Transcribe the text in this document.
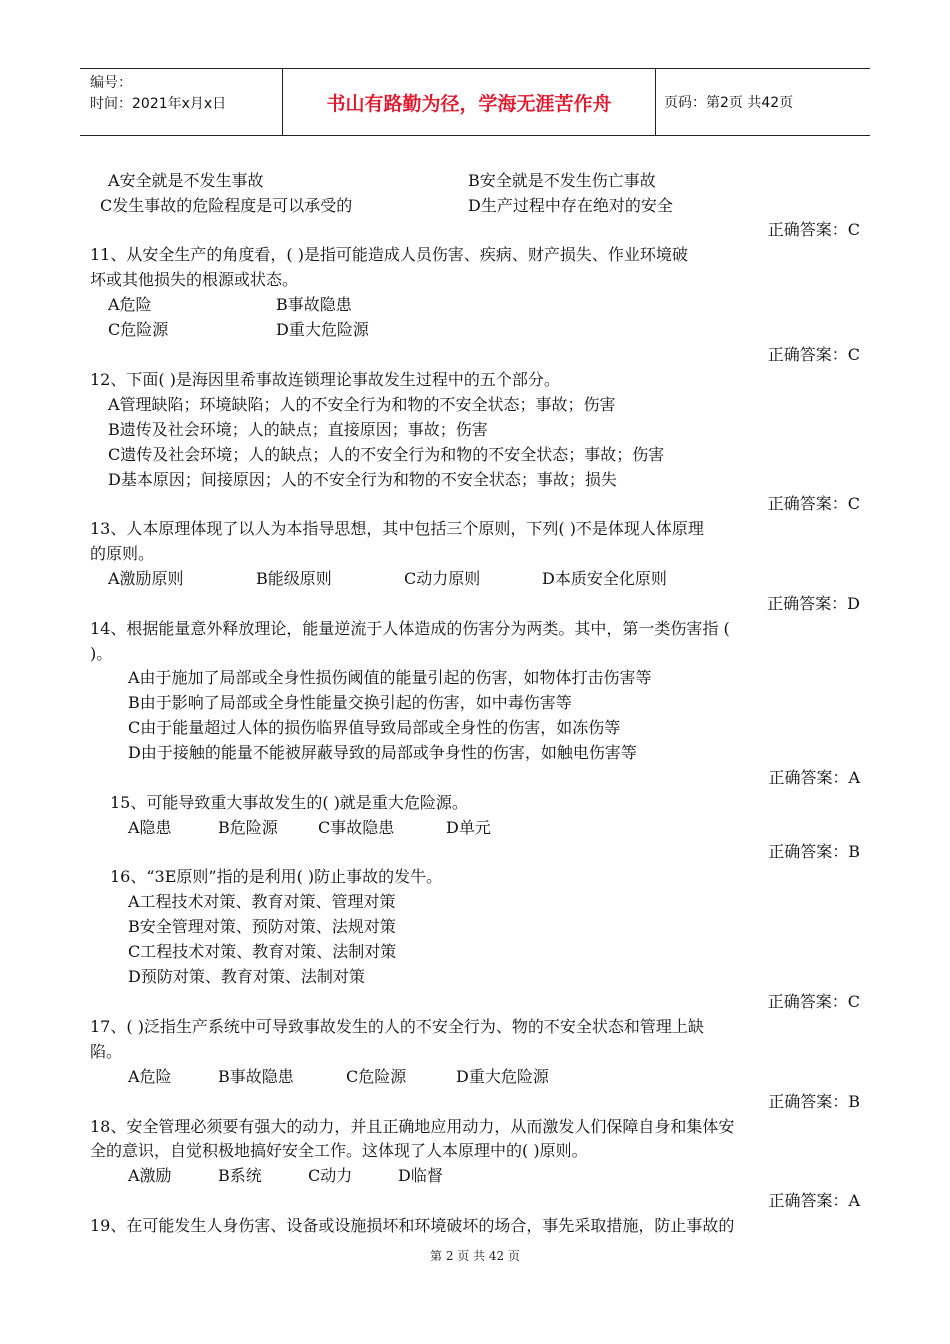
编号：
时间：2021年x月x日	书山有路勤为径，学海无涯苦作舟	页码：第2页 共42页
A安全就是不发生事故	B安全就是不发生伤亡事故
C发生事故的危险程度是可以承受的	D生产过程中存在绝对的安全
11、从安全生产的角度看，( )是指可能造成人员伤害、疾病、财产损失、作业环境破
坏或其他损失的根源或状态。
A危险	B事故隐患
C危险源	D重大危险源
12、下面( )是海因里希事故连锁理论事故发生过程中的五个部分。
A管理缺陷；环境缺陷；人的不安全行为和物的不安全状态；事故；伤害
B遗传及社会环境；人的缺点；直接原因；事故；伤害
C遗传及社会环境；人的缺点；人的不安全行为和物的不安全状态；事故；伤害
D基本原因；间接原因；人的不安全行为和物的不安全状态；事故；损失
13、人本原理体现了以人为本指导思想，其中包括三个原则，下列( )不是体现人体原理
的原则。
A激励原则	B能级原则	C动力原则	D本质安全化原则
14、根据能量意外释放理论，能量逆流于人体造成的伤害分为两类。其中，第一类伤害指 (
)。
A由于施加了局部或全身性损伤阈值的能量引起的伤害，如物体打击伤害等
B由于影响了局部或全身性能量交换引起的伤害，如中毒伤害等
C由于能量超过人体的损伤临界值导致局部或全身性的伤害，如冻伤等
D由于接触的能量不能被屏蔽导致的局部或争身性的伤害，如触电伤害等
15、可能导致重大事故发生的( )就是重大危险源。
A隐患	B危险源	C事故隐患	D单元
16、“3E原则”指的是利用( )防止事故的发牛。
A工程技术对策、教育对策、管理对策
B安全管理对策、预防对策、法规对策
C工程技术对策、教育对策、法制对策
D预防对策、教育对策、法制对策
17、( )泛指生产系统中可导致事故发生的人的不安全行为、物的不安全状态和管理上缺
陷。
A危险	B事故隐患	C危险源	D重大危险源
18、安全管理必须要有强大的动力，并且正确地应用动力，从而激发人们保障自身和集体安
全的意识，自觉积极地搞好安全工作。这体现了人本原理中的( )原则。
A激励	B系统	C动力	D临督
19、在可能发生人身伤害、设备或设施损坏和环境破坏的场合，事先采取措施，防止事故的
正确答案：C
正确答案：C
正确答案：C
正确答案：D
正确答案：A
正确答案：B
正确答案：C
正确答案：B
正确答案：A
第 2 页 共 42 页
